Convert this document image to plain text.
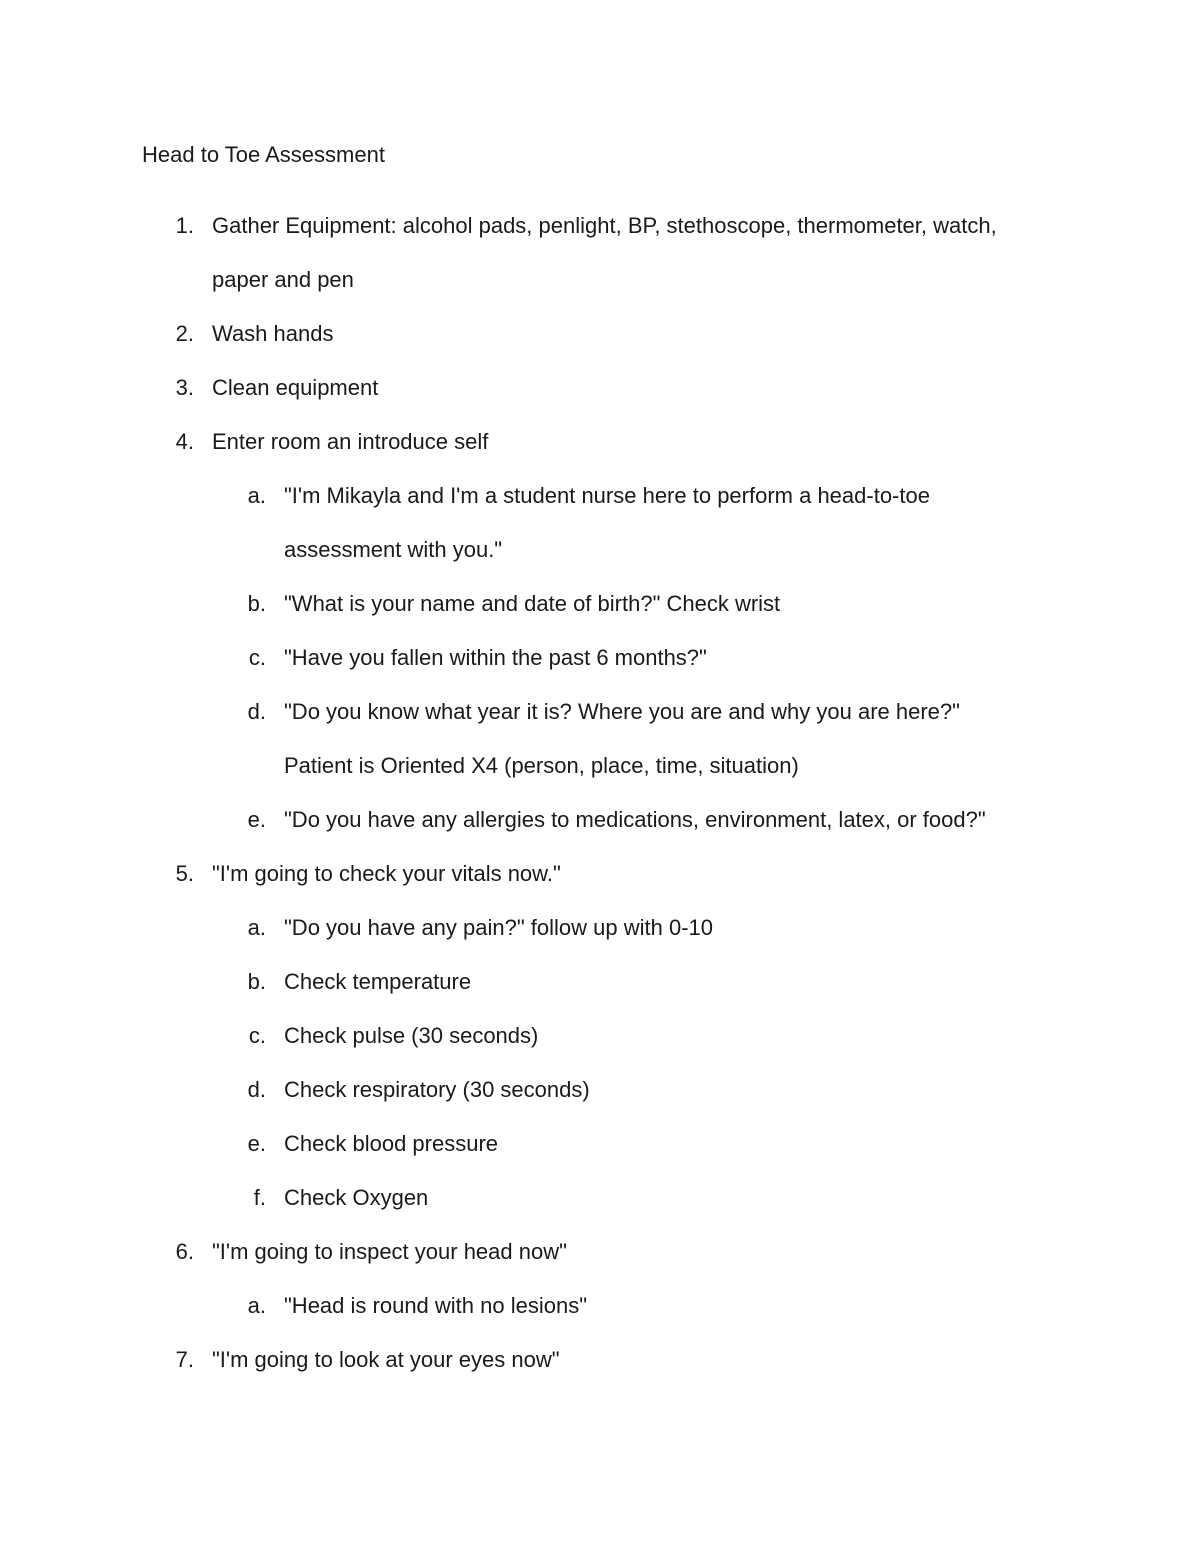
Head to Toe Assessment
1. Gather Equipment: alcohol pads, penlight, BP, stethoscope, thermometer, watch,
paper and pen
2. Wash hands
3. Clean equipment
4. Enter room an introduce self
a. "I'm Mikayla and I'm a student nurse here to perform a head-to-toe
assessment with you."
b. "What is your name and date of birth?" Check wrist
c. "Have you fallen within the past 6 months?"
d. "Do you know what year it is? Where you are and why you are here?"
Patient is Oriented X4 (person, place, time, situation)
e. "Do you have any allergies to medications, environment, latex, or food?"
5. "I'm going to check your vitals now."
a. "Do you have any pain?" follow up with 0-10
b. Check temperature
c. Check pulse (30 seconds)
d. Check respiratory (30 seconds)
e. Check blood pressure
f. Check Oxygen
6. "I'm going to inspect your head now"
a. "Head is round with no lesions"
7. "I'm going to look at your eyes now"
